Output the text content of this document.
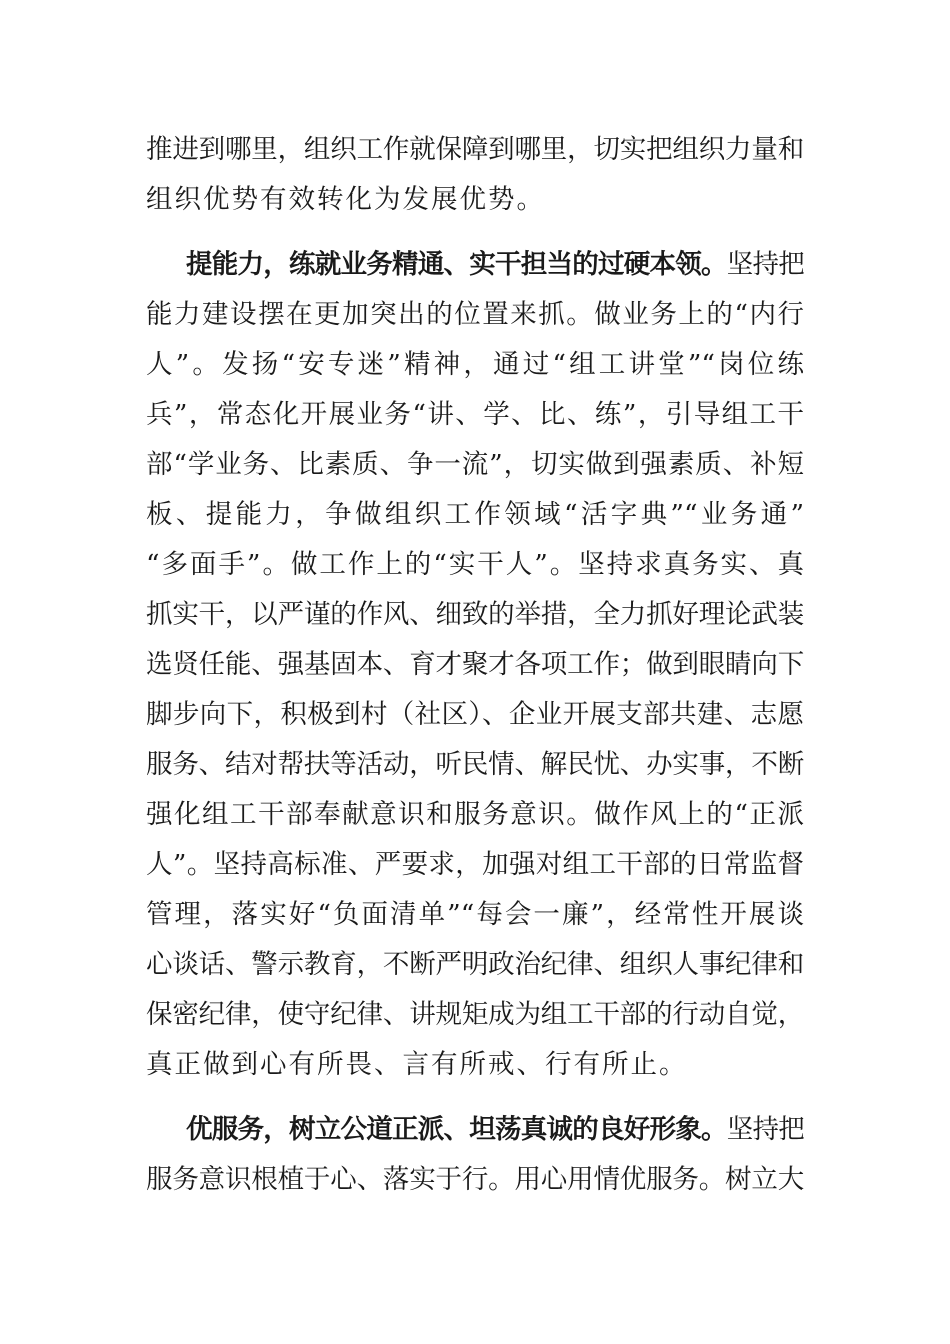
推进到哪里，组织工作就保障到哪里，切实把组织力量和
组织优势有效转化为发展优势。
提能力，练就业务精通、实干担当的过硬本领。坚持把
能力建设摆在更加突出的位置来抓。做业务上的“内行
人”。发扬“安专迷”精神，通过“组工讲堂”“岗位练
兵”，常态化开展业务“讲、学、比、练”，引导组工干
部“学业务、比素质、争一流”，切实做到强素质、补短
板、提能力，争做组织工作领域“活字典”“业务通”
“多面手”。做工作上的“实干人”。坚持求真务实、真
抓实干，以严谨的作风、细致的举措，全力抓好理论武装
选贤任能、强基固本、育才聚才各项工作；做到眼睛向下
脚步向下，积极到村（社区）、企业开展支部共建、志愿
服务、结对帮扶等活动，听民情、解民忧、办实事，不断
强化组工干部奉献意识和服务意识。做作风上的“正派
人”。坚持高标准、严要求，加强对组工干部的日常监督
管理，落实好“负面清单”“每会一廉”，经常性开展谈
心谈话、警示教育，不断严明政治纪律、组织人事纪律和
保密纪律，使守纪律、讲规矩成为组工干部的行动自觉，
真正做到心有所畏、言有所戒、行有所止。
优服务，树立公道正派、坦荡真诚的良好形象。坚持把
服务意识根植于心、落实于行。用心用情优服务。树立大
